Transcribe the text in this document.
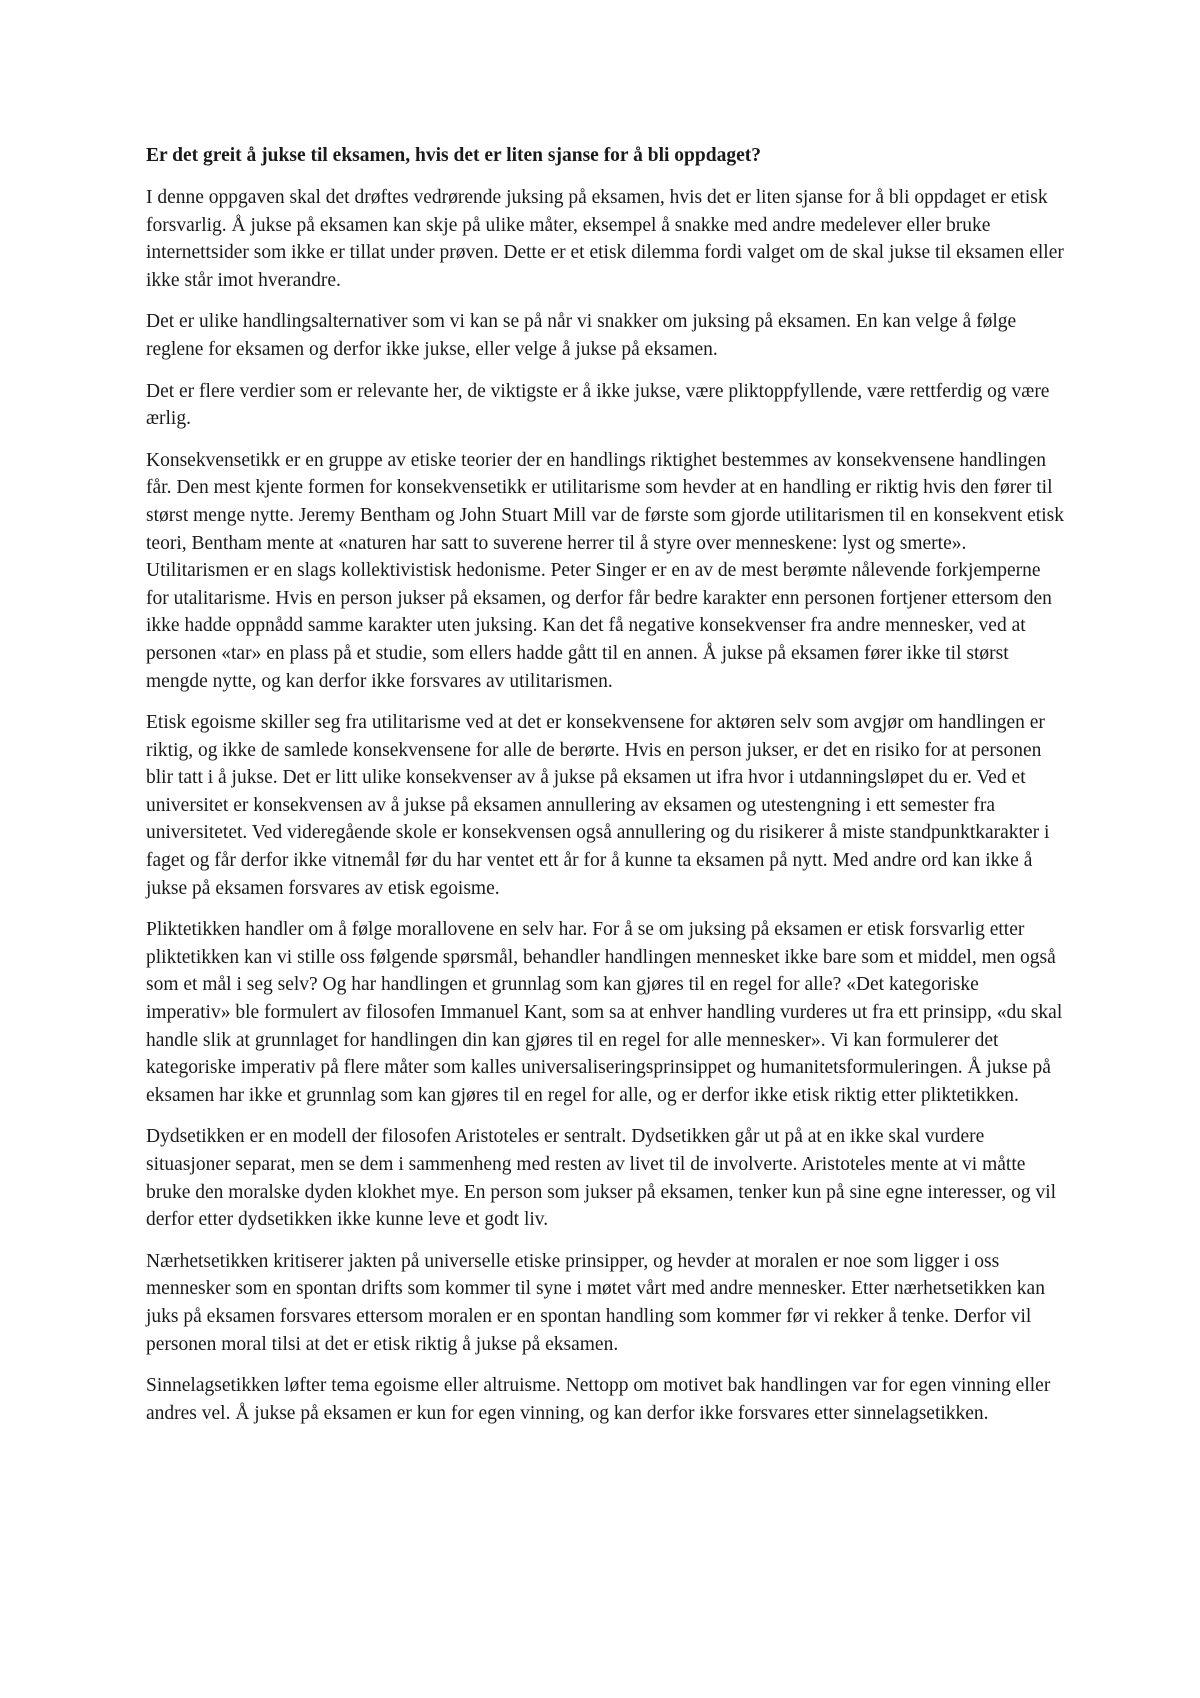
Er det greit å jukse til eksamen, hvis det er liten sjanse for å bli oppdaget?

I denne oppgaven skal det drøftes vedrørende juksing på eksamen, hvis det er liten sjanse for å bli oppdaget er etisk forsvarlig. Å jukse på eksamen kan skje på ulike måter, eksempel å snakke med andre medelever eller bruke internettsider som ikke er tillat under prøven. Dette er et etisk dilemma fordi valget om de skal jukse til eksamen eller ikke står imot hverandre.

Det er ulike handlingsalternativer som vi kan se på når vi snakker om juksing på eksamen. En kan velge å følge reglene for eksamen og derfor ikke jukse, eller velge å jukse på eksamen.

Det er flere verdier som er relevante her, de viktigste er å ikke jukse, være pliktoppfyllende, være rettferdig og være ærlig.

Konsekvensetikk er en gruppe av etiske teorier der en handlings riktighet bestemmes av konsekvensene handlingen får. Den mest kjente formen for konsekvensetikk er utilitarisme som hevder at en handling er riktig hvis den fører til størst menge nytte. Jeremy Bentham og John Stuart Mill var de første som gjorde utilitarismen til en konsekvent etisk teori, Bentham mente at «naturen har satt to suverene herrer til å styre over menneskene: lyst og smerte». Utilitarismen er en slags kollektivistisk hedonisme. Peter Singer er en av de mest berømte nålevende forkjemperne for utalitarisme. Hvis en person jukser på eksamen, og derfor får bedre karakter enn personen fortjener ettersom den ikke hadde oppnådd samme karakter uten juksing. Kan det få negative konsekvenser fra andre mennesker, ved at personen «tar» en plass på et studie, som ellers hadde gått til en annen. Å jukse på eksamen fører ikke til størst mengde nytte, og kan derfor ikke forsvares av utilitarismen.

Etisk egoisme skiller seg fra utilitarisme ved at det er konsekvensene for aktøren selv som avgjør om handlingen er riktig, og ikke de samlede konsekvensene for alle de berørte. Hvis en person jukser, er det en risiko for at personen blir tatt i å jukse. Det er litt ulike konsekvenser av å jukse på eksamen ut ifra hvor i utdanningsløpet du er. Ved et universitet er konsekvensen av å jukse på eksamen annullering av eksamen og utestengning i ett semester fra universitetet. Ved videregående skole er konsekvensen også annullering og du risikerer å miste standpunktkarakter i faget og får derfor ikke vitnemål før du har ventet ett år for å kunne ta eksamen på nytt. Med andre ord kan ikke å jukse på eksamen forsvares av etisk egoisme.

Pliktetikken handler om å følge morallovene en selv har. For å se om juksing på eksamen er etisk forsvarlig etter pliktetikken kan vi stille oss følgende spørsmål, behandler handlingen mennesket ikke bare som et middel, men også som et mål i seg selv? Og har handlingen et grunnlag som kan gjøres til en regel for alle? «Det kategoriske imperativ» ble formulert av filosofen Immanuel Kant, som sa at enhver handling vurderes ut fra ett prinsipp, «du skal handle slik at grunnlaget for handlingen din kan gjøres til en regel for alle mennesker». Vi kan formulerer det kategoriske imperativ på flere måter som kalles universaliseringsprinsippet og humanitetsformuleringen. Å jukse på eksamen har ikke et grunnlag som kan gjøres til en regel for alle, og er derfor ikke etisk riktig etter pliktetikken.

Dydsetikken er en modell der filosofen Aristoteles er sentralt. Dydsetikken går ut på at en ikke skal vurdere situasjoner separat, men se dem i sammenheng med resten av livet til de involverte. Aristoteles mente at vi måtte bruke den moralske dyden klokhet mye. En person som jukser på eksamen, tenker kun på sine egne interesser, og vil derfor etter dydsetikken ikke kunne leve et godt liv.

Nærhetsetikken kritiserer jakten på universelle etiske prinsipper, og hevder at moralen er noe som ligger i oss mennesker som en spontan drifts som kommer til syne i møtet vårt med andre mennesker. Etter nærhetsetikken kan juks på eksamen forsvares ettersom moralen er en spontan handling som kommer før vi rekker å tenke. Derfor vil personen moral tilsi at det er etisk riktig å jukse på eksamen.

Sinnelagsetikken løfter tema egoisme eller altruisme. Nettopp om motivet bak handlingen var for egen vinning eller andres vel. Å jukse på eksamen er kun for egen vinning, og kan derfor ikke forsvares etter sinnelagsetikken.
